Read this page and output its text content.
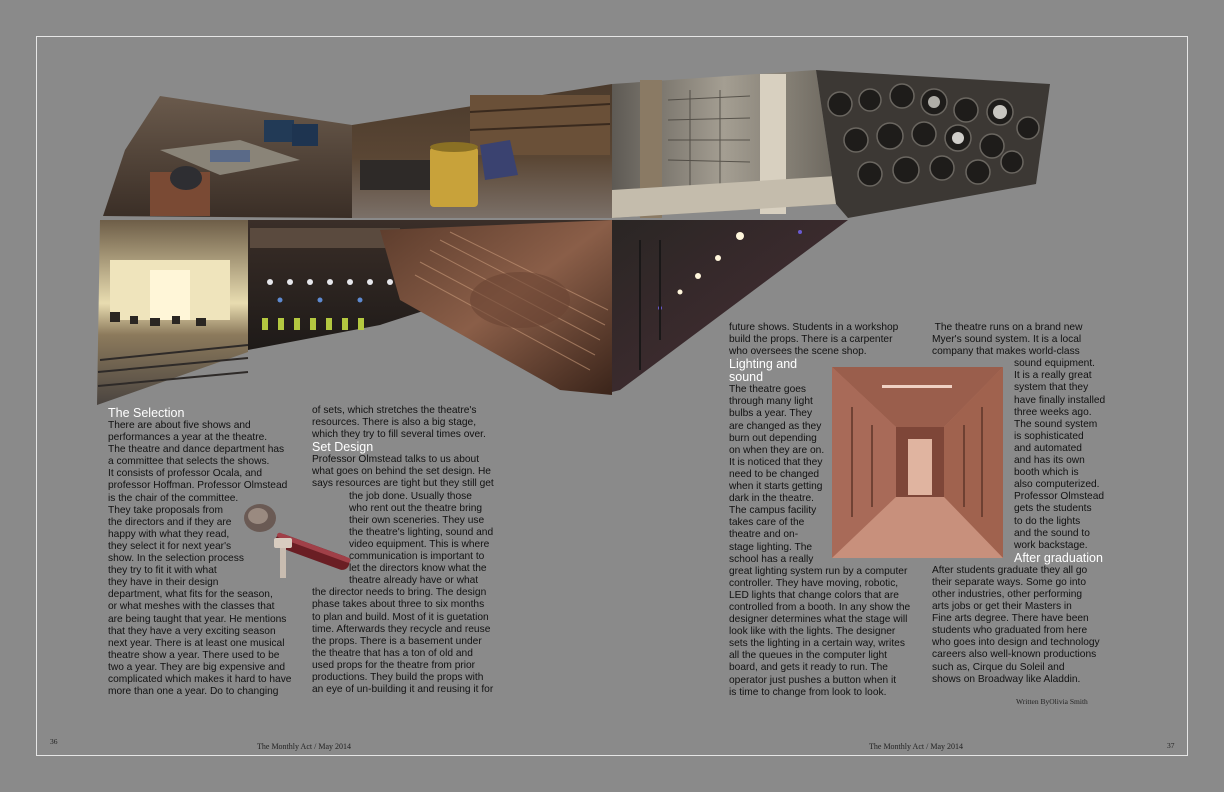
The Selection

There are about five shows and
performances a year at the theatre.
The theatre and dance department has
a committee that selects the shows.
It consists of professor Ocala, and
professor Hoffman. Professor Olmstead
is the chair of the committee.
They take proposals from
the directors and if they are
happy with what they read,
they select it for next year's
show. In the selection process
they try to fit it with what
they have in their design
department, what fits for the season,
or what meshes with the classes that
are being taught that year. He mentions
that they have a very exciting season
next year. There is at least one musical
theatre show a year. There used to be
two a year. They are big expensive and
complicated which makes it hard to have
more than one a year. Do to changing

of sets, which stretches the theatre's
resources. There is also a big stage,
which they try to fill several times over.

Set Design

Professor Olmstead talks to us about
what goes on behind the set design. He
says resources are tight but they still get
the job done. Usually those
who rent out the theatre bring
their own sceneries. They use
the theatre's lighting, sound and
video equipment. This is where
communication is important to
let the directors know what the
theatre already have or what
the director needs to bring. The design
phase takes about three to six months
to plan and build. Most of it is guetation
time. Afterwards they recycle and reuse
the props. There is a basement under
the theatre that has a ton of old and
used props for the theatre from prior
productions. They build the props with
an eye of un-building it and reusing it for

future shows. Students in a workshop
build the props. There is a carpenter
who oversees the scene shop.

Lighting and
sound

The theatre goes
through many light
bulbs a year. They
are changed as they
burn out depending
on when they are on.
It is noticed that they
need to be changed
when it starts getting
dark in the theatre.
The campus facility
takes care of the
theatre and on-
stage lighting. The
school has a really
great lighting system run by a computer
controller. They have moving, robotic,
LED lights that change colors that are
controlled from a booth. In any show the
designer determines what the stage will
look like with the lights. The designer
sets the lighting in a certain way, writes
all the queues in the computer light
board, and gets it ready to run. The
operator just pushes a button when it
is time to change from look to look.

The theatre runs on a brand new
Myer's sound system. It is a local
company that makes world-class

sound equipment.
It is a really great
system that they
have finally installed
three weeks ago.
The sound system
is sophisticated
and automated
and has its own
booth which is
also computerized.
Professor Olmstead
gets the students
to do the lights
and the sound to
work backstage.

After graduation

After students graduate they all go
their separate ways. Some go into
other industries, other performing
arts jobs or get their Masters in
Fine arts degree. There have been
students who graduated from here
who goes into design and technology
careers also well-known productions
such as, Cirque du Soleil and
shows on Broadway like Aladdin.

Written ByOlivia Smith
36
The Monthly Act / May 2014	The Monthly Act / May 2014	37
